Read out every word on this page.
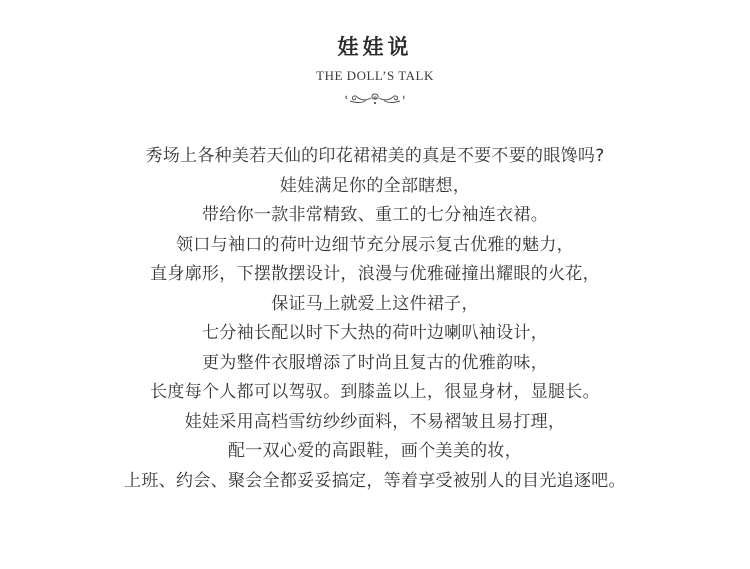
娃娃说
THE DOLL’S TALK
秀场上各种美若天仙的印花裙裙美的真是不要不要的眼馋吗?
娃娃满足你的全部瞎想，
带给你一款非常精致、重工的七分袖连衣裙。
领口与袖口的荷叶边细节充分展示复古优雅的魅力，
直身廓形，下摆散摆设计，浪漫与优雅碰撞出耀眼的火花，
保证马上就爱上这件裙子，
七分袖长配以时下大热的荷叶边喇叭袖设计，
更为整件衣服增添了时尚且复古的优雅韵味，
长度每个人都可以驾驭。到膝盖以上，很显身材，显腿长。
娃娃采用高档雪纺纱纱面料，不易褶皱且易打理，
配一双心爱的高跟鞋，画个美美的妆，
上班、约会、聚会全都妥妥搞定，等着享受被别人的目光追逐吧。
